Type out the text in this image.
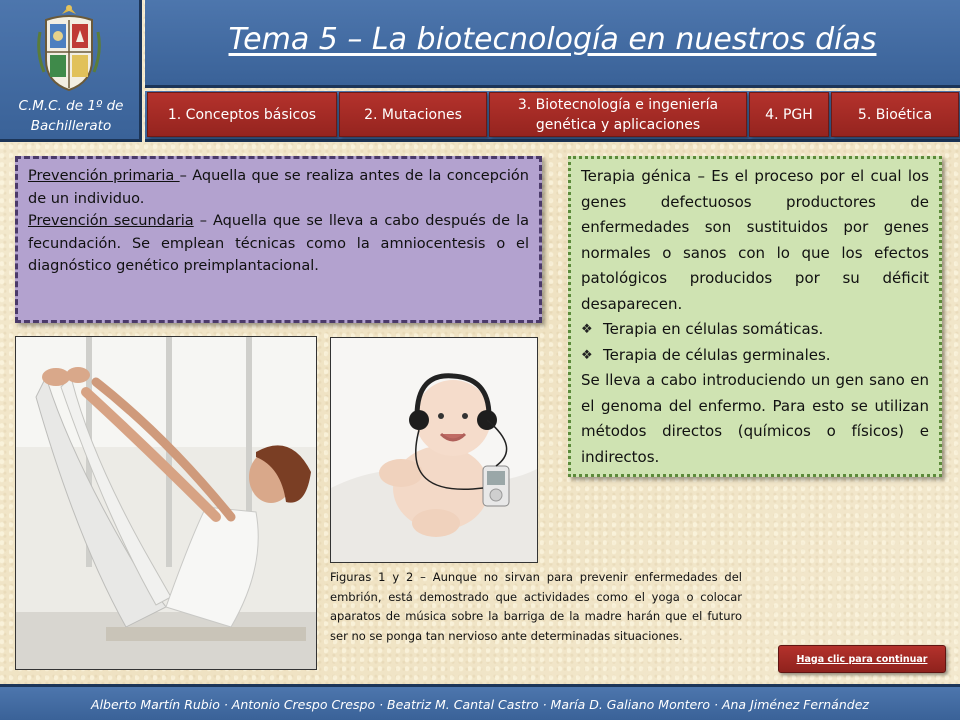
C.M.C. de 1º de Bachillerato
Tema 5 – La biotecnología en nuestros días
1. Conceptos básicos	2. Mutaciones
3. Biotecnología e ingeniería genética y aplicaciones
4. PGH	5. Bioética
Prevención primaria – Aquella que se realiza antes de la concepción de un individuo.
Prevención secundaria – Aquella que se lleva a cabo después de la fecundación. Se emplean técnicas como la amniocentesis o el diagnóstico genético preimplantacional.
Terapia génica – Es el proceso por el cual los genes defectuosos productores de enfermedades son sustituidos por genes normales o sanos con lo que los efectos patológicos producidos por su déficit desaparecen.
❖ Terapia en células somáticas.
❖ Terapia de células germinales.
Se lleva a cabo introduciendo un gen sano en el genoma del enfermo. Para esto se utilizan métodos directos (químicos o físicos) e indirectos.
Figuras 1 y 2 – Aunque no sirvan para prevenir enfermedades del embrión, está demostrado que actividades como el yoga o colocar aparatos de música sobre la barriga de la madre harán que el futuro ser no se ponga tan nervioso ante determinadas situaciones.
Haga clic para continuar
Alberto Martín Rubio · Antonio Crespo Crespo · Beatriz M. Cantal Castro · María D. Galiano Montero · Ana Jiménez Fernández
